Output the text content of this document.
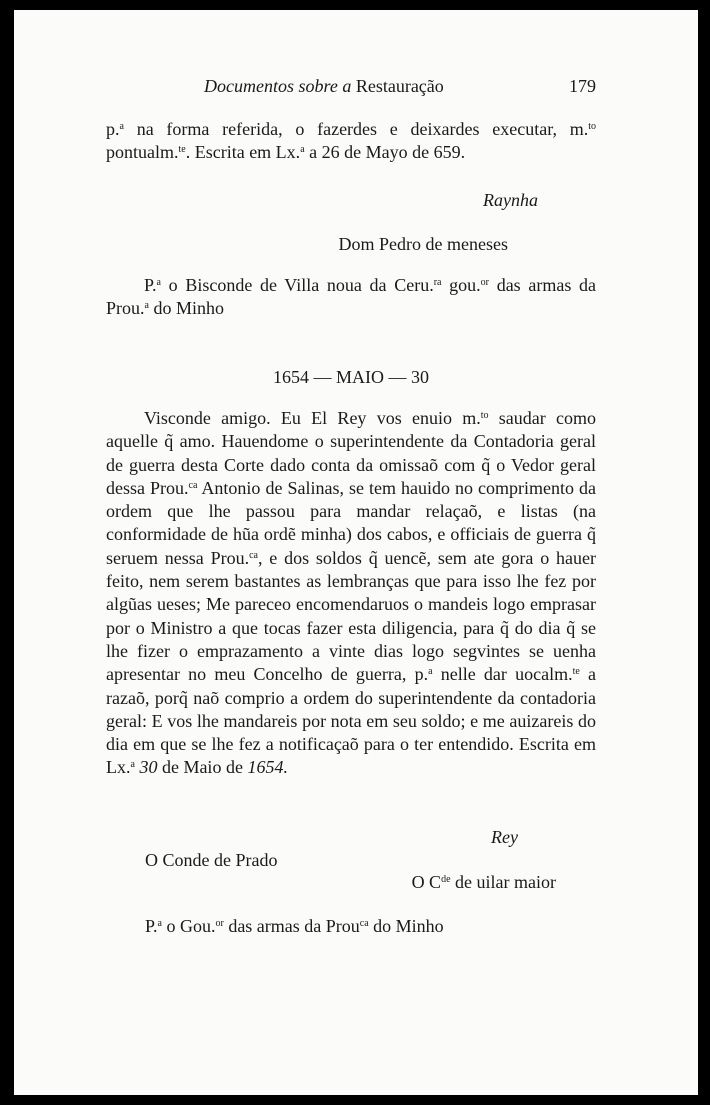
Documentos sobre a Restauração	179
p.$^a$ na forma referida, o fazerdes e deixardes executar, m.$^{to}$ pontualm.$^{te}$. Escrita em Lx.$^a$ a 26 de Mayo de 659.
Raynha
Dom Pedro de meneses
P.$^a$ o Bisconde de Villa noua da Ceru.$^{ra}$ gou.$^{or}$ das armas da Prou.$^a$ do Minho
1654 — MAIO — 30
Visconde amigo. Eu El Rey vos enuio m.$^{to}$ saudar como aquelle q̃ amo. Hauendome o superintendente da Contadoria geral de guerra desta Corte dado conta da omissaõ com q̃ o Vedor geral dessa Prou.$^{ca}$ Antonio de Salinas, se tem hauido no comprimento da ordem que lhe passou para mandar relaçaõ, e listas (na conformidade de hũa ordẽ minha) dos cabos, e officiais de guerra q̃ seruem nessa Prou.$^{ca}$, e dos soldos q̃ uencẽ, sem ate gora o hauer feito, nem serem bastantes as lembranças que para isso lhe fez por algũas ueses; Me pareceo encomendaruos o mandeis logo emprasar por o Ministro a que tocas fazer esta diligencia, para q̃ do dia q̃ se lhe fizer o emprazamento a vinte dias logo segvintes se uenha apresentar no meu Concelho de guerra, p.$^a$ nelle dar uocalm.$^{te}$ a razaõ, porq̃ naõ comprio a ordem do superintendente da contadoria geral: E vos lhe mandareis por nota em seu soldo; e me auizareis do dia em que se lhe fez a notificaçaõ para o ter entendido. Escrita em Lx.$^a$ 30 de Maio de 1654.
Rey
O Conde de Prado
O Cde de uilar maior
P.$^a$ o Gou.$^{or}$ das armas da Prou$^{ca}$ do Minho
